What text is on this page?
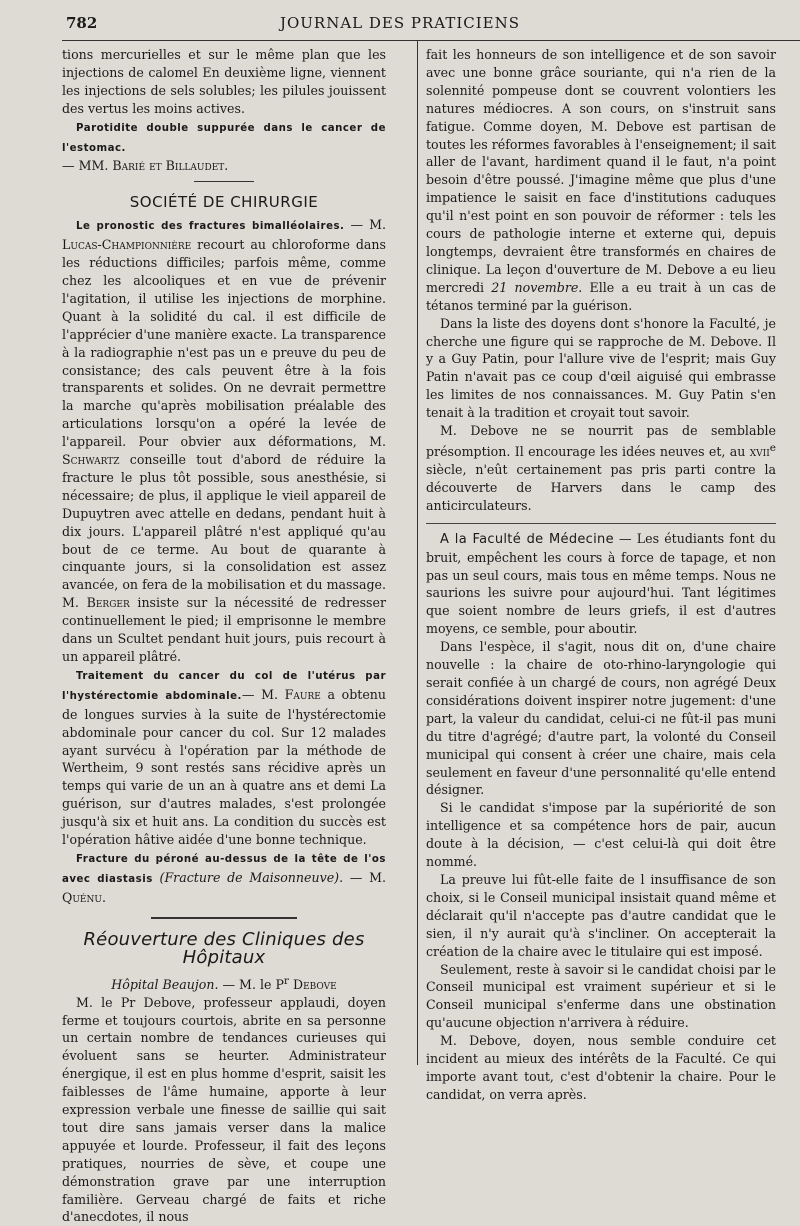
782	JOURNAL DES PRATICIENS

tions mercurielles et sur le même plan que les injections de calomel En deuxième ligne, viennent les injections de sels solubles; les pilules jouissent des vertus les moins actives.

Parotidite double suppurée dans le cancer de l'estomac.
— MM. Barié et Billaudet.

SOCIÉTÉ DE CHIRURGIE

Le pronostic des fractures bimalléolaires. — M. Lucas-Championnière recourt au chloroforme dans les réductions difficiles; parfois même, comme chez les alcooliques et en vue de prévenir l'agitation, il utilise les injections de morphine. Quant à la solidité du cal. il est difficile de l'apprécier d'une manière exacte. La transparence à la radiographie n'est pas un e preuve du peu de consistance; des cals peuvent être à la fois transparents et solides. On ne devrait permettre la marche qu'après mobilisation préalable des articulations lorsqu'on a opéré la levée de l'appareil. Pour obvier aux déformations, M. Schwartz conseille tout d'abord de réduire la fracture le plus tôt possible, sous anesthésie, si nécessaire; de plus, il applique le vieil appareil de Dupuytren avec attelle en dedans, pendant huit à dix jours. L'appareil plâtré n'est appliqué qu'au bout de ce terme. Au bout de quarante à cinquante jours, si la consolidation est assez avancée, on fera de la mobilisation et du massage. M. Berger insiste sur la nécessité de redresser continuellement le pied; il emprisonne le membre dans un Scultet pendant huit jours, puis recourt à un appareil plâtré.

Traitement du cancer du col de l'utérus par l'hystérectomie abdominale.— M. Faure a obtenu de longues survies à la suite de l'hystérectomie abdominale pour cancer du col. Sur 12 malades ayant survécu à l'opération par la méthode de Wertheim, 9 sont restés sans récidive après un temps qui varie de un an à quatre ans et demi La guérison, sur d'autres malades, s'est prolongée jusqu'à six et huit ans. La condition du succès est l'opération hâtive aidée d'une bonne technique.

Fracture du péroné au-dessus de la tête de l'os avec diastasis (Fracture de Maisonneuve). — M. Quénu.

Réouverture des Cliniques des Hôpitaux

Hôpital Beaujon. — M. le $P^r$ Debove

M. le Pr Debove, professeur applaudi, doyen ferme et toujours courtois, abrite en sa personne un certain nombre de tendances curieuses qui évoluent sans se heurter. Administrateur énergique, il est en plus homme d'esprit, saisit les faiblesses de l'âme humaine, apporte à leur expression verbale une finesse de saillie qui sait tout dire sans jamais verser dans la malice appuyée et lourde. Professeur, il fait des leçons pratiques, nourries de sève, et coupe une démonstration grave par une interruption familière. Gerveau chargé de faits et riche d'anecdotes, il nous

fait les honneurs de son intelligence et de son savoir avec une bonne grâce souriante, qui n'a rien de la solennité pompeuse dont se couvrent volontiers les natures médiocres. A son cours, on s'instruit sans fatigue. Comme doyen, M. Debove est partisan de toutes les réformes favorables à l'enseignement; il sait aller de l'avant, hardiment quand il le faut, n'a point besoin d'être poussé. J'imagine même que plus d'une impatience le saisit en face d'institutions caduques qu'il n'est point en son pouvoir de réformer : tels les cours de pathologie interne et externe qui, depuis longtemps, devraient être transformés en chaires de clinique. La leçon d'ouverture de M. Debove a eu lieu mercredi 21 novembre. Elle a eu trait à un cas de tétanos terminé par la guérison.

Dans la liste des doyens dont s'honore la Faculté, je cherche une figure qui se rapproche de M. Debove. Il y a Guy Patin, pour l'allure vive de l'esprit; mais Guy Patin n'avait pas ce coup d'œil aiguisé qui embrasse les limites de nos connaissances. M. Guy Patin s'en tenait à la tradition et croyait tout savoir.

M. Debove ne se nourrit pas de semblable présomption. Il encourage les idées neuves et, au xvii$^e$ siècle, n'eût certainement pas pris parti contre la découverte de Harvers dans le camp des anticirculateurs.

A la Faculté de Médecine — Les étudiants font du bruit, empêchent les cours à force de tapage, et non pas un seul cours, mais tous en même temps. Nous ne saurions les suivre pour aujourd'hui. Tant légitimes que soient nombre de leurs griefs, il est d'autres moyens, ce semble, pour aboutir.

Dans l'espèce, il s'agit, nous dit on, d'une chaire nouvelle : la chaire de oto-rhino-laryngologie qui serait confiée à un chargé de cours, non agrégé Deux considérations doivent inspirer notre jugement: d'une part, la valeur du candidat, celui-ci ne fût-il pas muni du titre d'agrégé; d'autre part, la volonté du Conseil municipal qui consent à créer une chaire, mais cela seulement en faveur d'une personnalité qu'elle entend désigner.

Si le candidat s'impose par la supériorité de son intelligence et sa compétence hors de pair, aucun doute à la décision, — c'est celui-là qui doit être nommé.

La preuve lui fût-elle faite de l insuffisance de son choix, si le Conseil municipal insistait quand même et déclarait qu'il n'accepte pas d'autre candidat que le sien, il n'y aurait qu'à s'incliner. On accepterait la création de la chaire avec le titulaire qui est imposé.

Seulement, reste à savoir si le candidat choisi par le Conseil municipal est vraiment supérieur et si le Conseil municipal s'enferme dans une obstination qu'aucune objection n'arrivera à réduire.

M. Debove, doyen, nous semble conduire cet incident au mieux des intérêts de la Faculté. Ce qui importe avant tout, c'est d'obtenir la chaire. Pour le candidat, on verra après.
